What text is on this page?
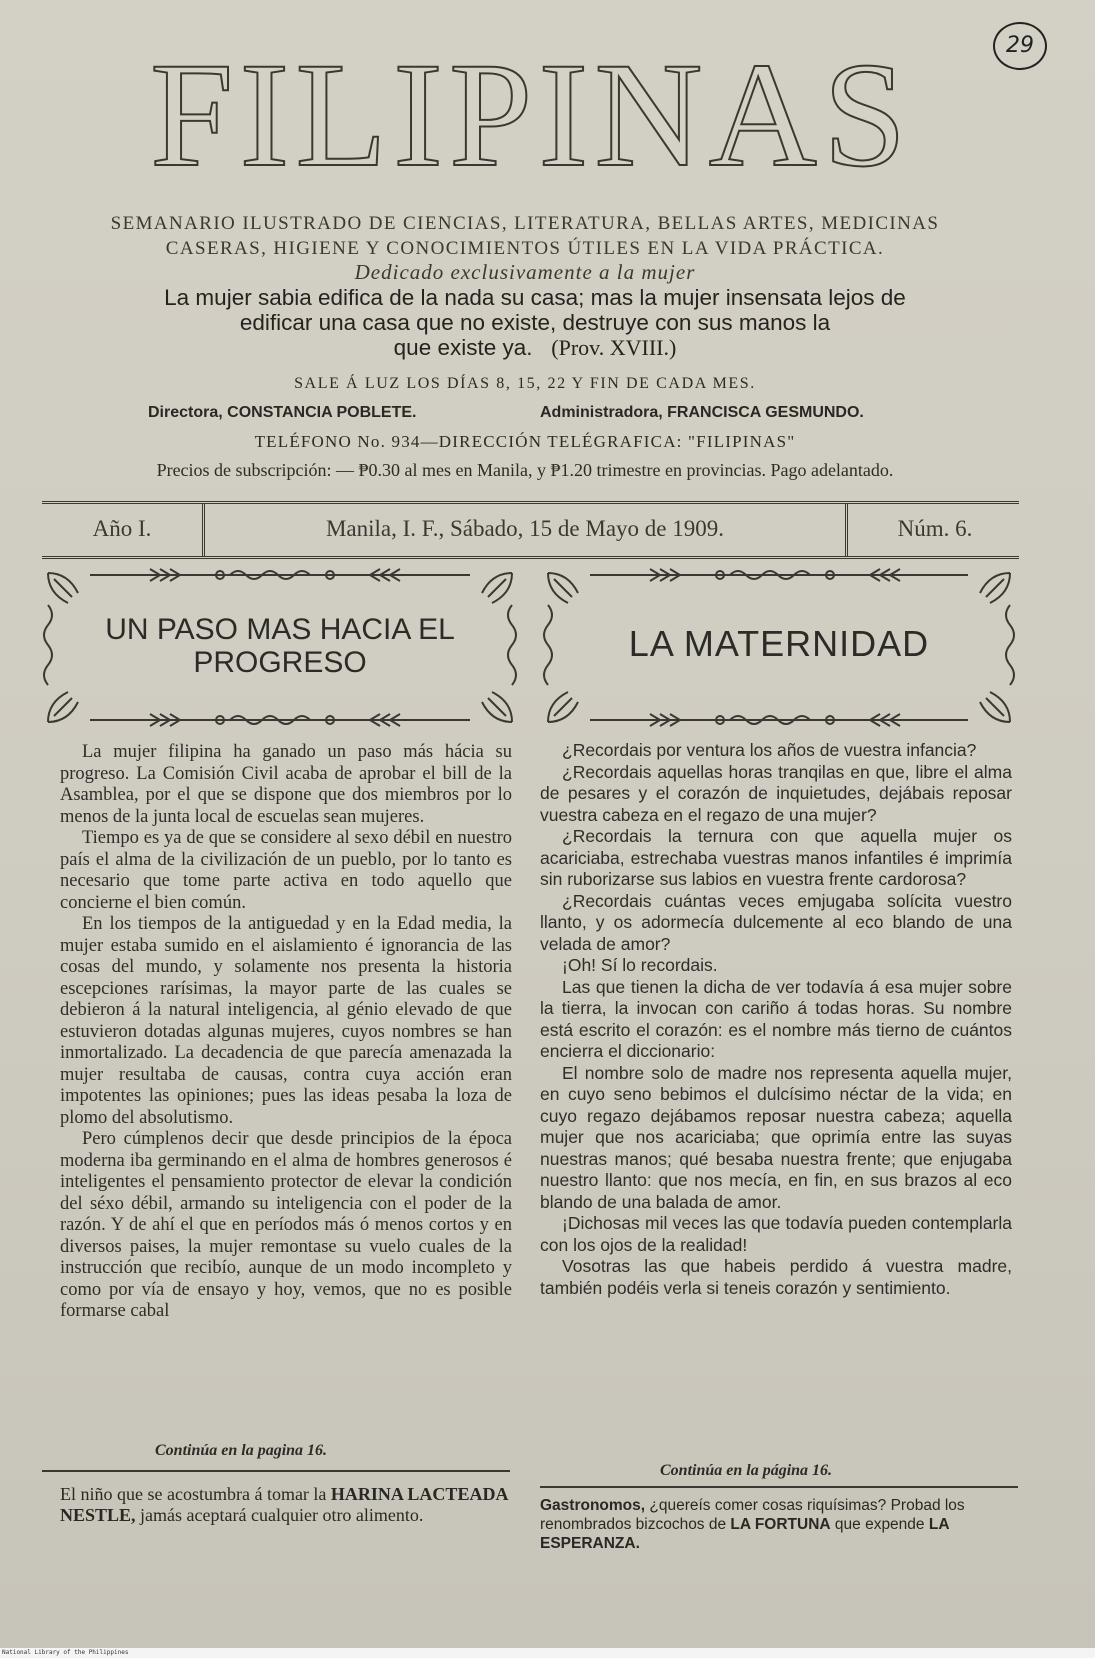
29
FILIPINAS
SEMANARIO ILUSTRADO DE CIENCIAS, LITERATURA, BELLAS ARTES, MEDICINAS
CASERAS, HIGIENE Y CONOCIMIENTOS ÚTILES EN LA VIDA PRÁCTICA.
Dedicado exclusivamente a la mujer
La mujer sabia edifica de la nada su casa; mas la mujer insensata lejos de
edificar una casa que no existe, destruye con sus manos la
que existe ya. (Prov. XVIII.)
SALE Á LUZ LOS DÍAS 8, 15, 22 Y FIN DE CADA MES.
Directora, CONSTANCIA POBLETE.	Administradora, FRANCISCA GESMUNDO.
TELÉFONO No. 934—DIRECCIÓN TELÉGRAFICA: "FILIPINAS"
Precios de subscripción: — ₱0.30 al mes en Manila, y ₱1.20 trimestre en provincias. Pago adelantado.
Año I.	Manila, I. F., Sábado, 15 de Mayo de 1909.	Núm. 6.
UN PASO MAS HACIA EL
PROGRESO	LA MATERNIDAD

La mujer filipina ha ganado un paso más hácia su progreso. La Comisión Civil acaba de aprobar el bill de la Asamblea, por el que se dispone que dos miembros por lo menos de la junta local de escuelas sean mujeres.

Tiempo es ya de que se considere al sexo débil en nuestro país el alma de la civilización de un pueblo, por lo tanto es necesario que tome parte activa en todo aquello que concierne el bien común.

En los tiempos de la antiguedad y en la Edad media, la mujer estaba sumido en el aislamiento é ignorancia de las cosas del mundo, y solamente nos presenta la historia escepciones rarísimas, la mayor parte de las cuales se debieron á la natural inteligencia, al génio elevado de que estuvieron dotadas algunas mujeres, cuyos nombres se han inmortalizado. La decadencia de que parecía amenazada la mujer resultaba de causas, contra cuya acción eran impotentes las opiniones; pues las ideas pesaba la loza de plomo del absolutismo.

Pero cúmplenos decir que desde principios de la época moderna iba germinando en el alma de hombres generosos é inteligentes el pensamiento protector de elevar la condición del séxo débil, armando su inteligencia con el poder de la razón. Y de ahí el que en períodos más ó menos cortos y en diversos paises, la mujer remontase su vuelo cuales de la instrucción que recibío, aunque de un modo incompleto y como por vía de ensayo y hoy, vemos, que no es posible formarse cabal

Continúa en la pagina 16.

¿Recordais por ventura los años de vuestra infancia?

¿Recordais aquellas horas tranqilas en que, libre el alma de pesares y el corazón de inquietudes, dejábais reposar vuestra cabeza en el regazo de una mujer?

¿Recordais la ternura con que aquella mujer os acariciaba, estrechaba vuestras manos infantiles é imprimía sin ruborizarse sus labios en vuestra frente cardorosa?

¿Recordais cuántas veces emjugaba solícita vuestro llanto, y os adormecía dulcemente al eco blando de una velada de amor?

¡Oh! Sí lo recordais.

Las que tienen la dicha de ver todavía á esa mujer sobre la tierra, la invocan con cariño á todas horas. Su nombre está escrito el corazón: es el nombre más tierno de cuántos encierra el diccionario:

El nombre solo de madre nos representa aquella mujer, en cuyo seno bebimos el dulcísimo néctar de la vida; en cuyo regazo dejábamos reposar nuestra cabeza; aquella mujer que nos acariciaba; que oprimía entre las suyas nuestras manos; qué besaba nuestra frente; que enjugaba nuestro llanto: que nos mecía, en fin, en sus brazos al eco blando de una balada de amor.

¡Dichosas mil veces las que todavía pueden contemplarla con los ojos de la realidad!

Vosotras las que habeis perdido á vuestra madre, también podéis verla si teneis corazón y sentimiento.

Continúa en la página 16.
El niño que se acostumbra á tomar la HARINA LACTEADA NESTLE, jamás aceptará cualquier otro alimento.	Gastronomos, ¿quereís comer cosas riquísimas? Probad los renombrados bizcochos de LA FORTUNA que expende LA ESPERANZA.
National Library of the Philippines
